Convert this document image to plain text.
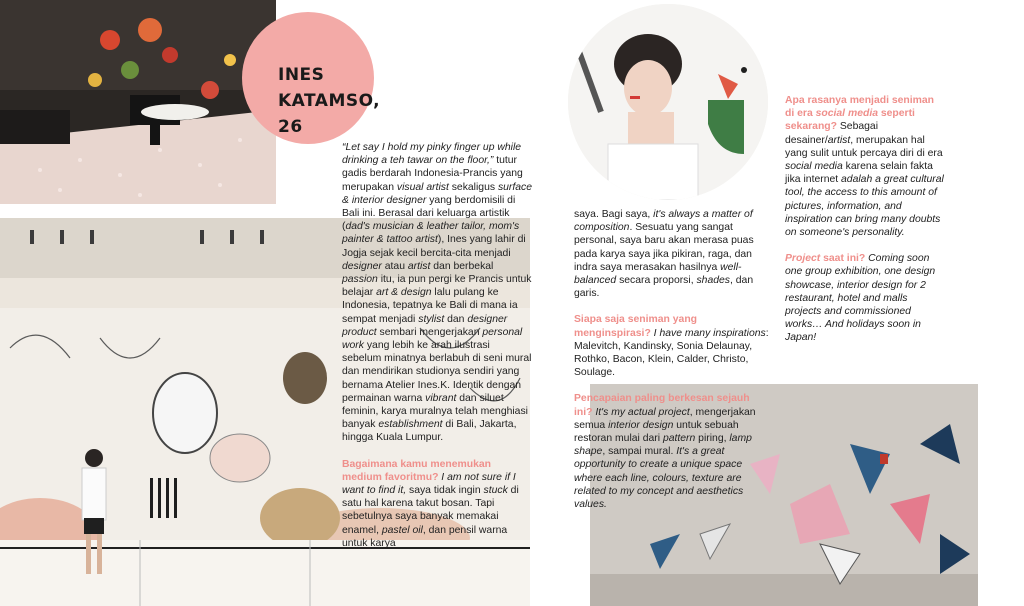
INES
KATAMSO,
26

“Let say I hold my pinky finger up while drinking a teh tawar on the floor,” tutur gadis berdarah Indonesia-Prancis yang merupakan visual artist sekaligus surface & interior designer yang berdomisili di Bali ini. Berasal dari keluarga artistik (dad's musician & leather tailor, mom's painter & tattoo artist), Ines yang lahir di Jogja sejak kecil bercita-cita menjadi designer atau artist dan berbekal passion itu, ia pun pergi ke Prancis untuk belajar art & design lalu pulang ke Indonesia, tepatnya ke Bali di mana ia sempat menjadi stylist dan designer product sembari mengerjakan personal work yang lebih ke arah ilustrasi sebelum minatnya berlabuh di seni mural dan mendirikan studionya sendiri yang bernama Atelier Ines.K. Identik dengan permainan warna vibrant dan siluet feminin, karya muralnya telah menghiasi banyak establishment di Bali, Jakarta, hingga Kuala Lumpur.

Bagaimana kamu menemukan medium favoritmu? I am not sure if I want to find it, saya tidak ingin stuck di satu hal karena takut bosan. Tapi sebetulnya saya banyak memakai enamel, pastel oil, dan pensil warna untuk karya

saya. Bagi saya, it's always a matter of composition. Sesuatu yang sangat personal, saya baru akan merasa puas pada karya saya jika pikiran, raga, dan indra saya merasakan hasilnya well-balanced secara proporsi, shades, dan garis.

Siapa saja seniman yang menginspirasi? I have many inspirations: Malevitch, Kandinsky, Sonia Delaunay, Rothko, Bacon, Klein, Calder, Christo, Soulage.

Pencapaian paling berkesan sejauh ini? It's my actual project, mengerjakan semua interior design untuk sebuah restoran mulai dari pattern piring, lamp shape, sampai mural. It's a great opportunity to create a unique space where each line, colours, texture are related to my concept and aesthetics values.

Apa rasanya menjadi seniman di era social media seperti sekarang? Sebagai desainer/artist, merupakan hal yang sulit untuk percaya diri di era social media karena selain fakta jika internet adalah a great cultural tool, the access to this amount of pictures, information, and inspiration can bring many doubts on someone's personality.

Project saat ini? Coming soon one group exhibition, one design showcase, interior design for 2 restaurant, hotel and malls projects and commissioned works… And holidays soon in Japan!
